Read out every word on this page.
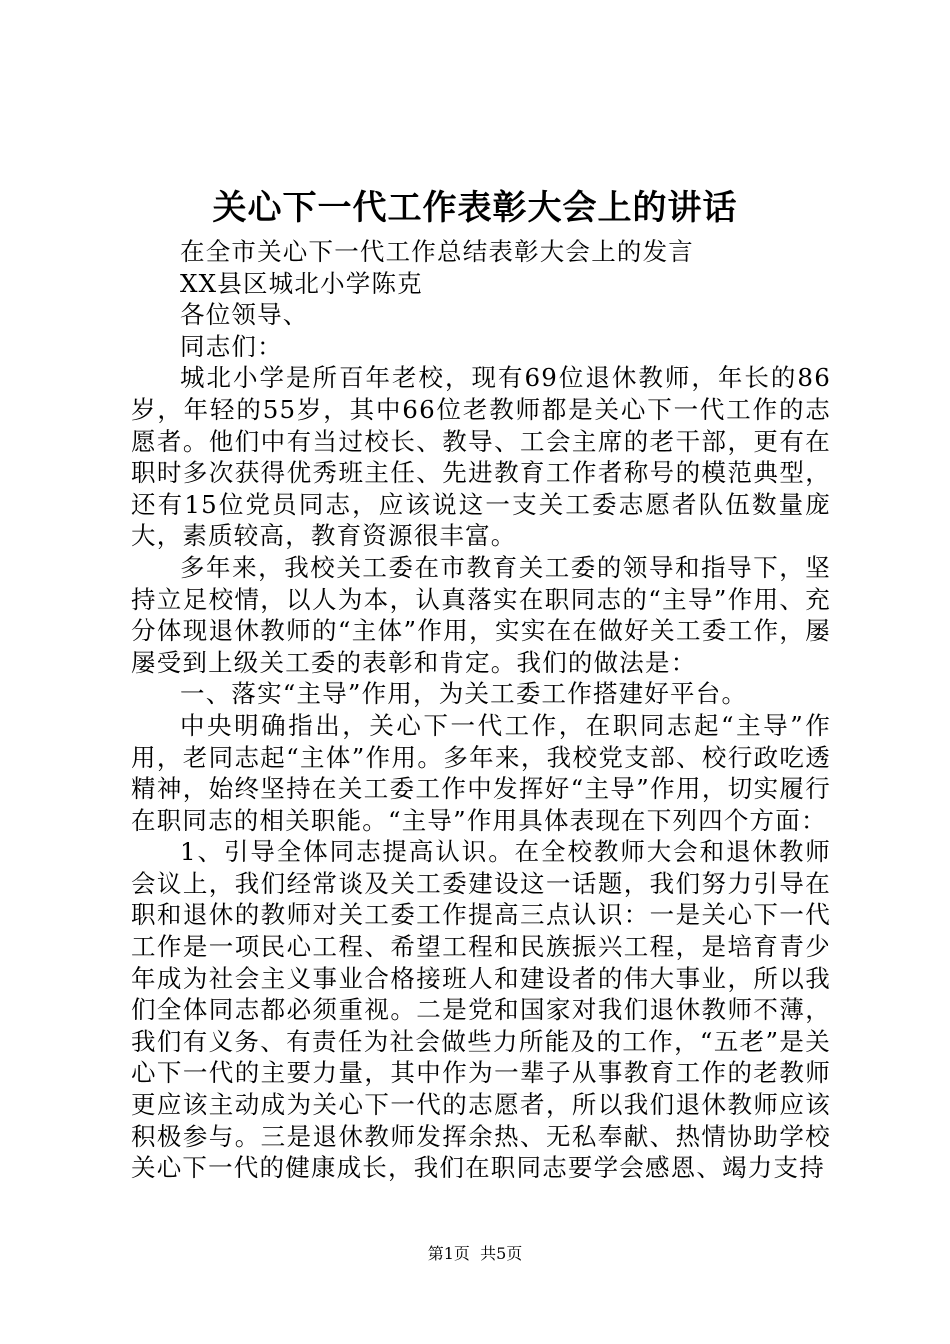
关心下一代工作表彰大会上的讲话

在全市关心下一代工作总结表彰大会上的发言

XX县区城北小学陈克

各位领导、

同志们：

城北小学是所百年老校，现有69位退休教师，年长的86岁，年轻的55岁，其中66位老教师都是关心下一代工作的志愿者。他们中有当过校长、教导、工会主席的老干部，更有在职时多次获得优秀班主任、先进教育工作者称号的模范典型，还有15位党员同志，应该说这一支关工委志愿者队伍数量庞大，素质较高，教育资源很丰富。

多年来，我校关工委在市教育关工委的领导和指导下，坚持立足校情，以人为本，认真落实在职同志的“主导”作用、充分体现退休教师的“主体”作用，实实在在做好关工委工作，屡屡受到上级关工委的表彰和肯定。我们的做法是：

一、落实“主导”作用，为关工委工作搭建好平台。

中央明确指出，关心下一代工作，在职同志起“主导”作用，老同志起“主体”作用。多年来，我校党支部、校行政吃透精神，始终坚持在关工委工作中发挥好“主导”作用，切实履行在职同志的相关职能。“主导”作用具体表现在下列四个方面：

1、引导全体同志提高认识。在全校教师大会和退休教师会议上，我们经常谈及关工委建设这一话题，我们努力引导在职和退休的教师对关工委工作提高三点认识：一是关心下一代工作是一项民心工程、希望工程和民族振兴工程，是培育青少年成为社会主义事业合格接班人和建设者的伟大事业，所以我们全体同志都必须重视。二是党和国家对我们退休教师不薄，我们有义务、有责任为社会做些力所能及的工作，“五老”是关心下一代的主要力量，其中作为一辈子从事教育工作的老教师更应该主动成为关心下一代的志愿者，所以我们退休教师应该积极参与。三是退休教师发挥余热、无私奉献、热情协助学校关心下一代的健康成长，我们在职同志要学会感恩、竭力支持

第1页  共5页
